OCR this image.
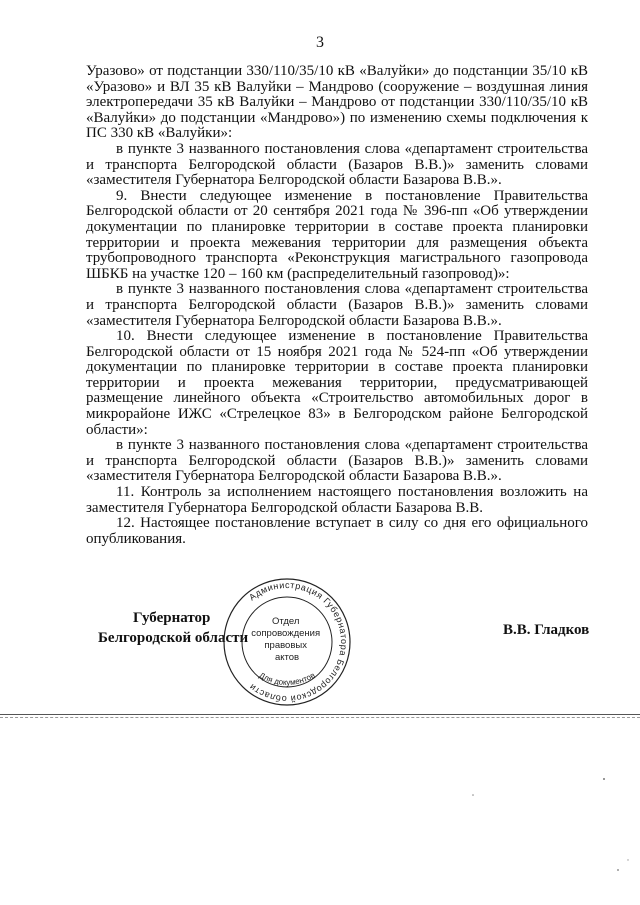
3

Уразово» от подстанции 330/110/35/10 кВ «Валуйки» до подстанции 35/10 кВ «Уразово» и ВЛ 35 кВ Валуйки – Мандрово (сооружение – воздушная линия электропередачи 35 кВ Валуйки – Мандрово от подстанции 330/110/35/10 кВ «Валуйки» до подстанции «Мандрово») по изменению схемы подключения к ПС 330 кВ «Валуйки»:

в пункте 3 названного постановления слова «департамент строительства и транспорта Белгородской области (Базаров В.В.)» заменить словами «заместителя Губернатора Белгородской области Базарова В.В.».

9. Внести следующее изменение в постановление Правительства Белгородской области от 20 сентября 2021 года № 396-пп «Об утверждении документации по планировке территории в составе проекта планировки территории и проекта межевания территории для размещения объекта трубопроводного транспорта «Реконструкция магистрального газопровода ШБКБ на участке 120 – 160 км (распределительный газопровод)»:

в пункте 3 названного постановления слова «департамент строительства и транспорта Белгородской области (Базаров В.В.)» заменить словами «заместителя Губернатора Белгородской области Базарова В.В.».

10. Внести следующее изменение в постановление Правительства Белгородской области от 15 ноября 2021 года № 524-пп «Об утверждении документации по планировке территории в составе проекта планировки территории и проекта межевания территории, предусматривающей размещение линейного объекта «Строительство автомобильных дорог в микрорайоне ИЖС «Стрелецкое 83» в Белгородском районе Белгородской области»:

в пункте 3 названного постановления слова «департамент строительства и транспорта Белгородской области (Базаров В.В.)» заменить словами «заместителя Губернатора Белгородской области Базарова В.В.».

11. Контроль за исполнением настоящего постановления возложить на заместителя Губернатора Белгородской области Базарова В.В.

12. Настоящее постановление вступает в силу со дня его официального опубликования.

Губернатор
Белгородской области
Администрация Губернатора Белгородской области
Отдел сопровождения правовых актов
Для документов
В.В. Гладков
